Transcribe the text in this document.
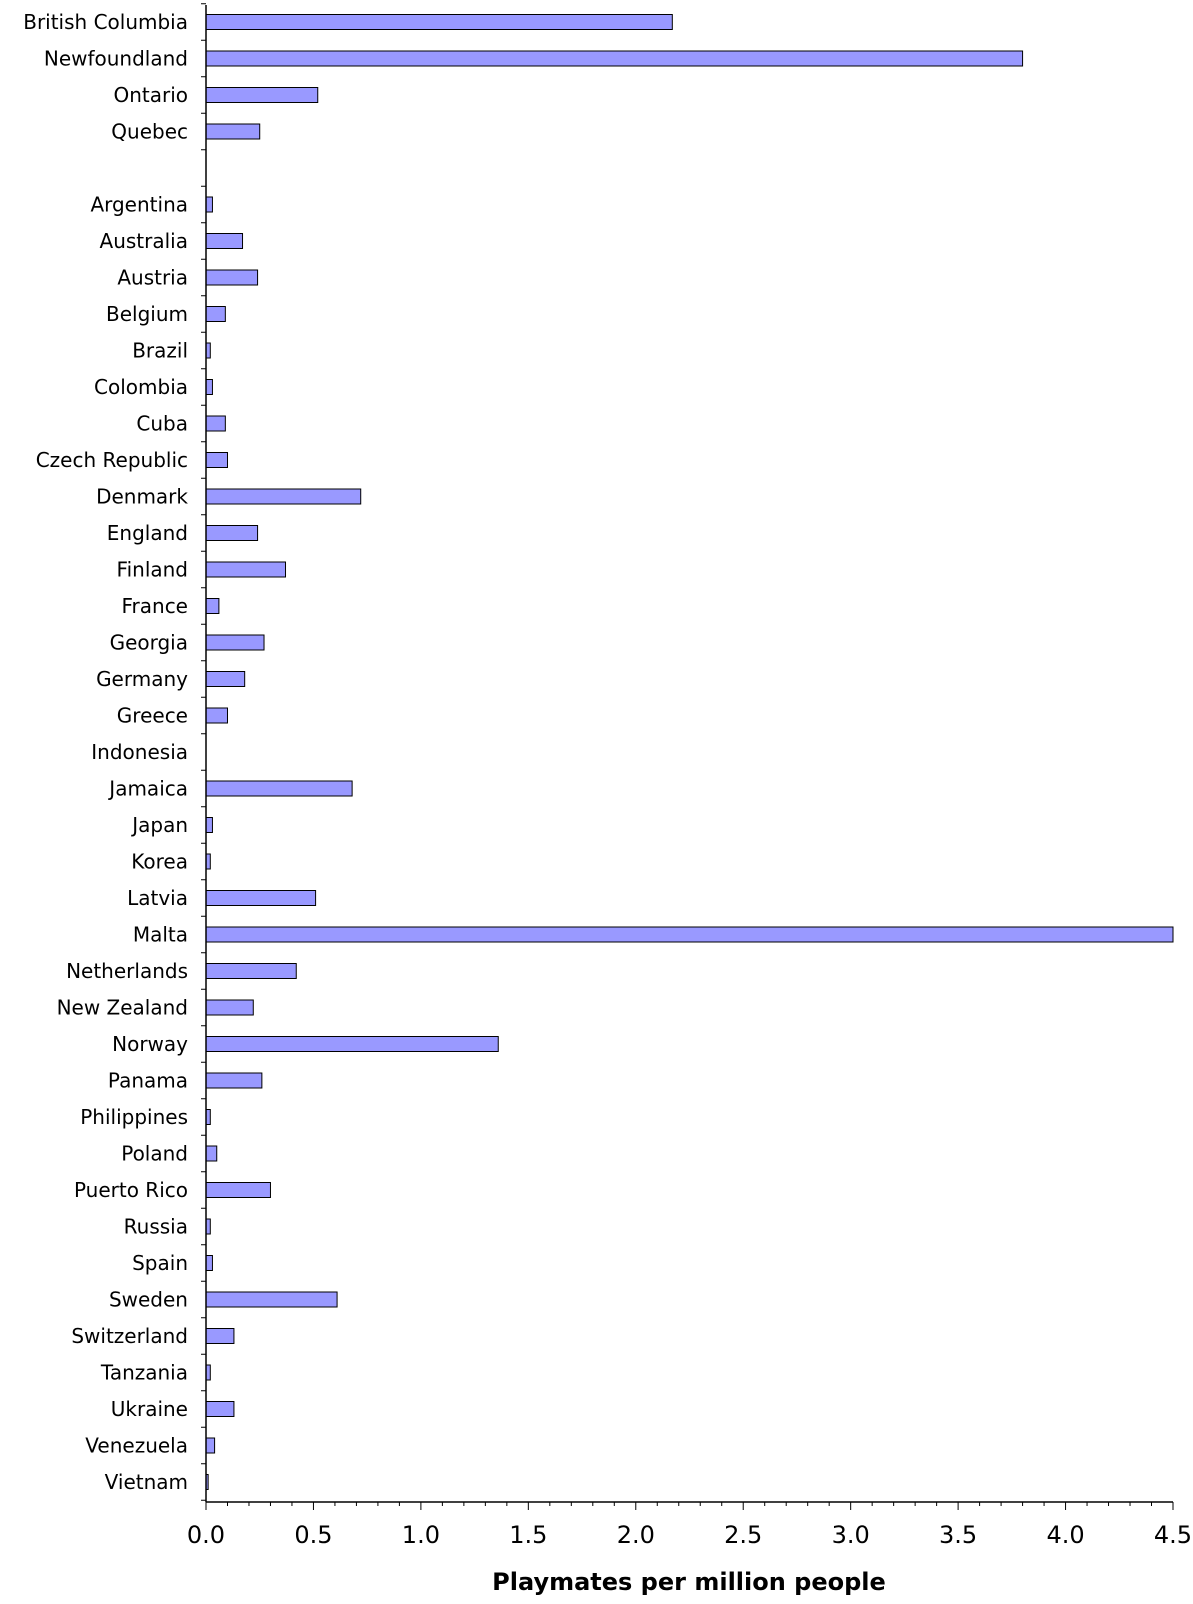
British Columbia
Newfoundland
Ontario
Quebec
Argentina
Australia
Austria
Belgium
Brazil
Colombia
Cuba
Czech Republic
Denmark
England
Finland
France
Georgia
Germany
Greece
Indonesia
Jamaica
Japan
Korea
Latvia
Malta
Netherlands
New Zealand
Norway
Panama
Philippines
Poland
Puerto Rico
Russia
Spain
Sweden
Switzerland
Tanzania
Ukraine
Venezuela
Vietnam
0.0	0.5	1.0	1.5	2.0	2.5	3.0	3.5	4.0	4.5
Playmates per million people
